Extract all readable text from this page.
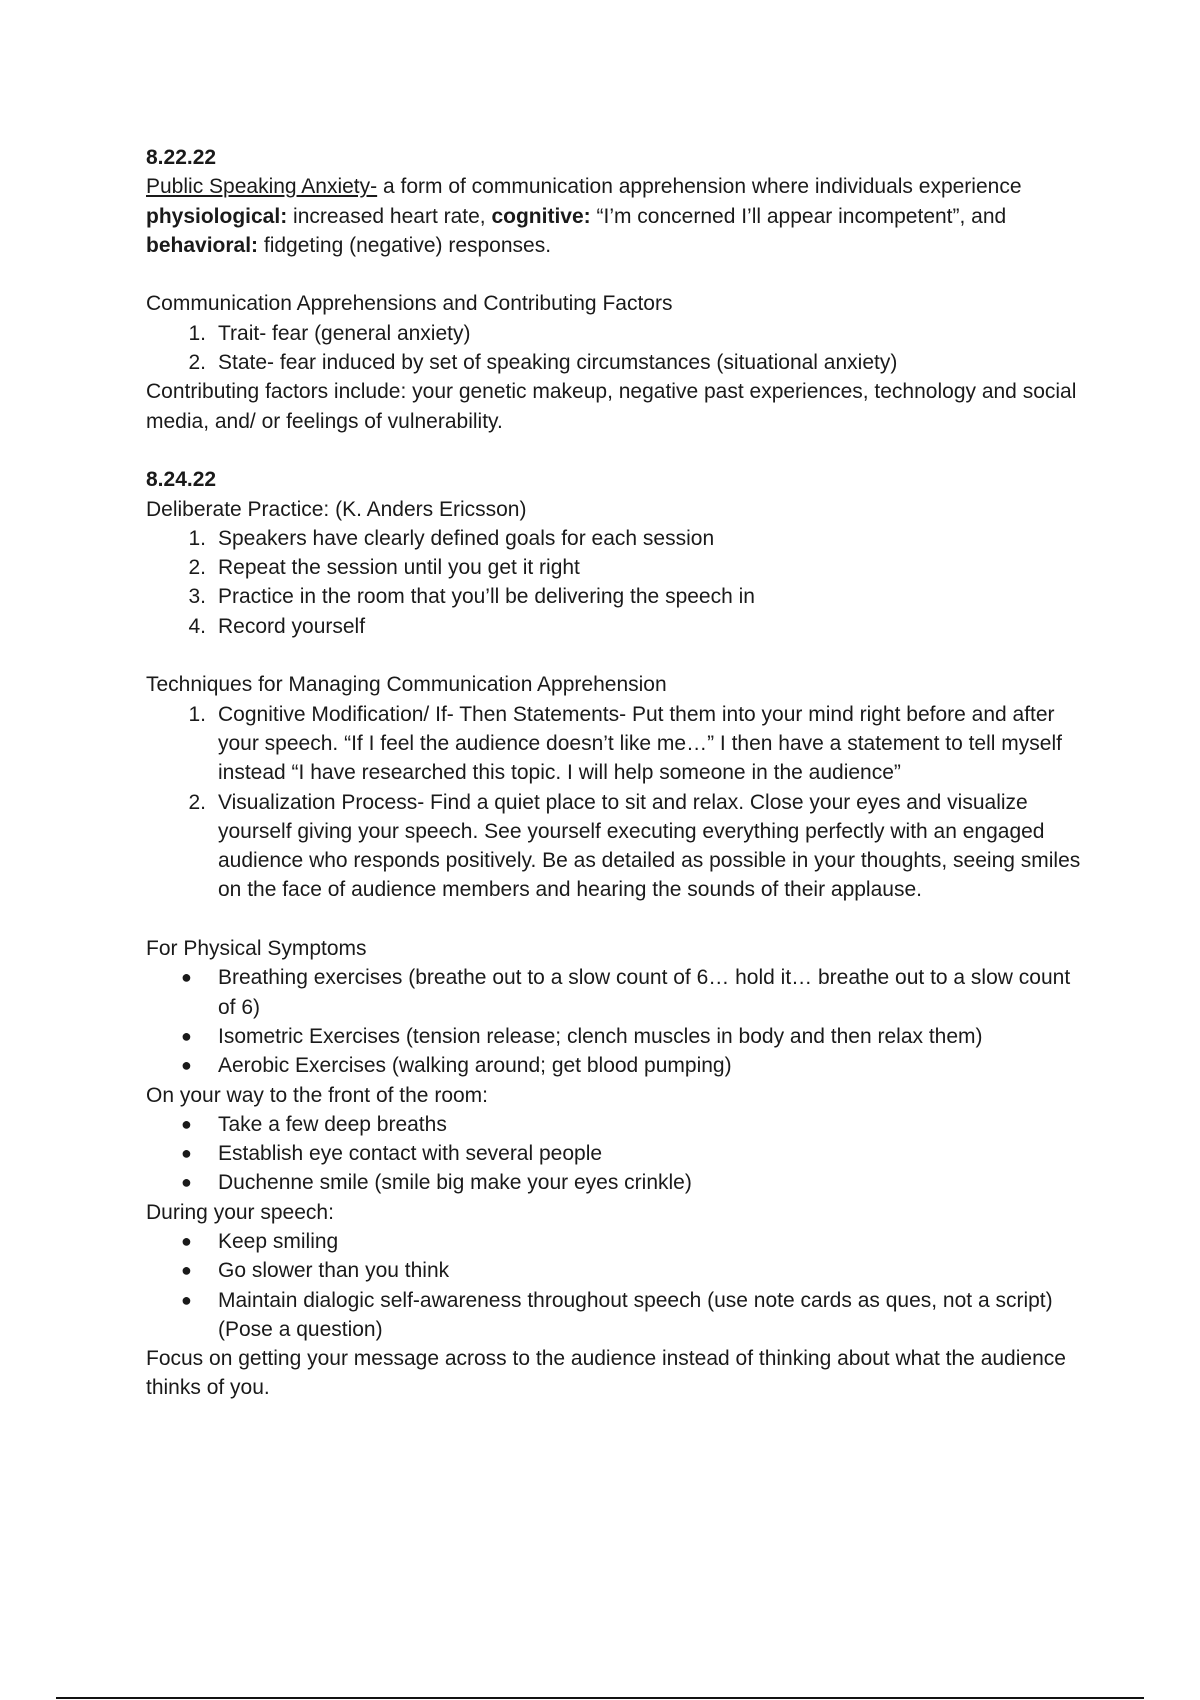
8.22.22
Public Speaking Anxiety- a form of communication apprehension where individuals experience physiological: increased heart rate, cognitive: “I’m concerned I’ll appear incompetent”, and behavioral: fidgeting (negative) responses.
Communication Apprehensions and Contributing Factors
1. Trait- fear (general anxiety)
2. State- fear induced by set of speaking circumstances (situational anxiety)
Contributing factors include: your genetic makeup, negative past experiences, technology and social media, and/ or feelings of vulnerability.
8.24.22
Deliberate Practice: (K. Anders Ericsson)
1. Speakers have clearly defined goals for each session
2. Repeat the session until you get it right
3. Practice in the room that you’ll be delivering the speech in
4. Record yourself
Techniques for Managing Communication Apprehension
1. Cognitive Modification/ If- Then Statements- Put them into your mind right before and after your speech. “If I feel the audience doesn’t like me…” I then have a statement to tell myself instead “I have researched this topic. I will help someone in the audience”
2. Visualization Process- Find a quiet place to sit and relax. Close your eyes and visualize yourself giving your speech. See yourself executing everything perfectly with an engaged audience who responds positively. Be as detailed as possible in your thoughts, seeing smiles on the face of audience members and hearing the sounds of their applause.
For Physical Symptoms
● Breathing exercises (breathe out to a slow count of 6… hold it… breathe out to a slow count of 6)
● Isometric Exercises (tension release; clench muscles in body and then relax them)
● Aerobic Exercises (walking around; get blood pumping)
On your way to the front of the room:
● Take a few deep breaths
● Establish eye contact with several people
● Duchenne smile (smile big make your eyes crinkle)
During your speech:
● Keep smiling
● Go slower than you think
● Maintain dialogic self-awareness throughout speech (use note cards as ques, not a script) (Pose a question)
Focus on getting your message across to the audience instead of thinking about what the audience thinks of you.
